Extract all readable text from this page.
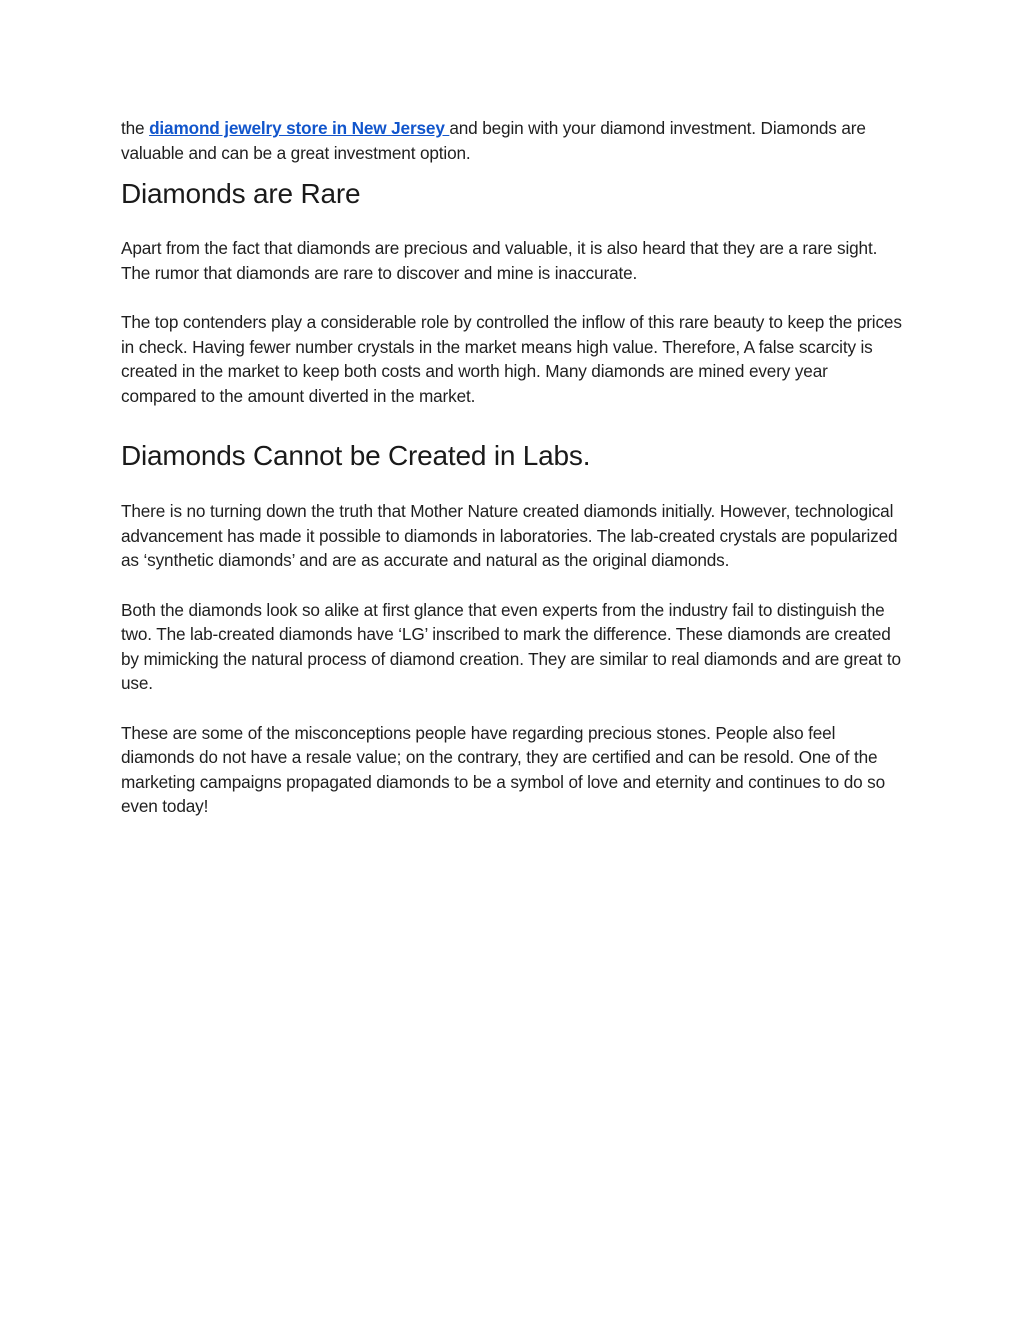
the diamond jewelry store in New Jersey and begin with your diamond investment. Diamonds are valuable and can be a great investment option.

Diamonds are Rare

Apart from the fact that diamonds are precious and valuable, it is also heard that they are a rare sight. The rumor that diamonds are rare to discover and mine is inaccurate.

The top contenders play a considerable role by controlled the inflow of this rare beauty to keep the prices in check. Having fewer number crystals in the market means high value. Therefore, A false scarcity is created in the market to keep both costs and worth high. Many diamonds are mined every year compared to the amount diverted in the market.

Diamonds Cannot be Created in Labs.

There is no turning down the truth that Mother Nature created diamonds initially. However, technological advancement has made it possible to diamonds in laboratories. The lab-created crystals are popularized as ‘synthetic diamonds’ and are as accurate and natural as the original diamonds.

Both the diamonds look so alike at first glance that even experts from the industry fail to distinguish the two. The lab-created diamonds have ‘LG’ inscribed to mark the difference. These diamonds are created by mimicking the natural process of diamond creation. They are similar to real diamonds and are great to use.

These are some of the misconceptions people have regarding precious stones. People also feel diamonds do not have a resale value; on the contrary, they are certified and can be resold. One of the marketing campaigns propagated diamonds to be a symbol of love and eternity and continues to do so even today!
